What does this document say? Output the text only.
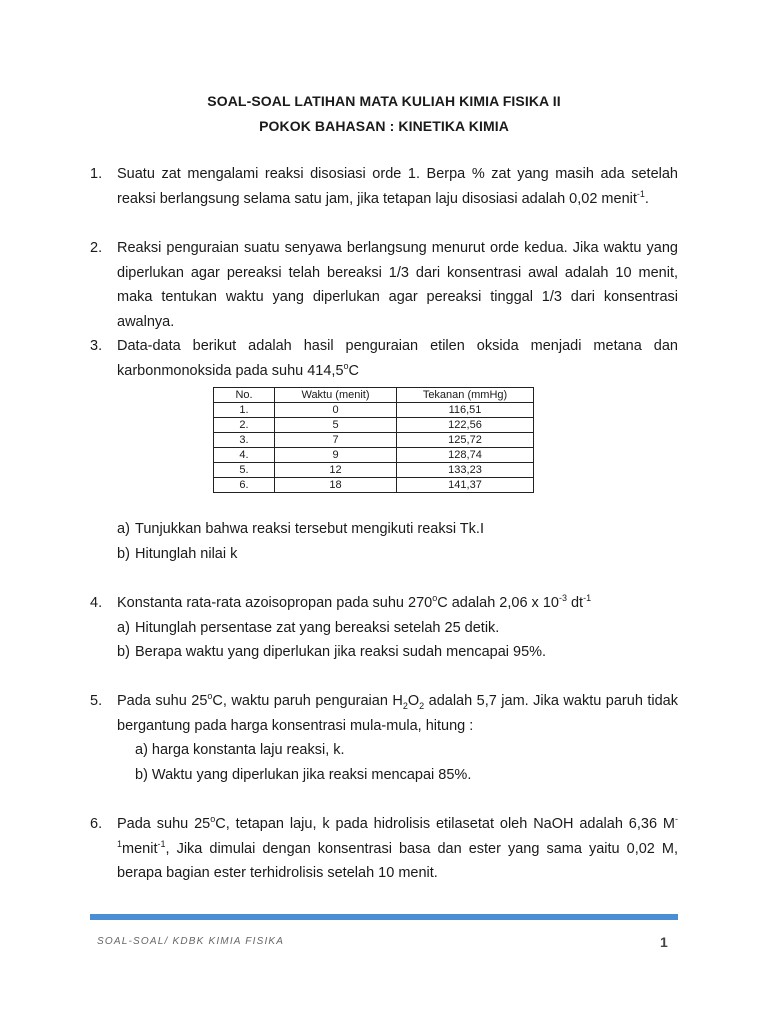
SOAL-SOAL LATIHAN MATA KULIAH KIMIA FISIKA II
POKOK BAHASAN : KINETIKA KIMIA
1. Suatu zat mengalami reaksi disosiasi orde 1. Berpa % zat yang masih ada setelah reaksi berlangsung selama satu jam, jika tetapan laju disosiasi adalah 0,02 menit$^{-1}$.

2. Reaksi penguraian suatu senyawa berlangsung menurut orde kedua. Jika waktu yang diperlukan agar pereaksi telah bereaksi 1/3 dari konsentrasi awal adalah 10 menit, maka tentukan waktu yang diperlukan agar pereaksi tinggal 1/3 dari konsentrasi awalnya.

3. Data-data berikut adalah hasil penguraian etilen oksida menjadi metana dan karbonmonoksida pada suhu 414,5$^o$C

No.	Waktu (menit)	Tekanan (mmHg)
1.	0	116,51
2.	5	122,56
3.	7	125,72
4.	9	128,74
5.	12	133,23
6.	18	141,37
a) Tunjukkan bahwa reaksi tersebut mengikuti reaksi Tk.I
b) Hitunglah nilai k
4. Konstanta rata-rata azoisopropan pada suhu 270$^o$C adalah 2,06 x $10^{-3}$ $dt^{-1}$

a) Hitunglah persentase zat yang bereaksi setelah 25 detik.
b) Berapa waktu yang diperlukan jika reaksi sudah mencapai 95%.
5. Pada suhu 25$^o$C, waktu paruh penguraian $H_2O_2$ adalah 5,7 jam. Jika waktu paruh tidak bergantung pada harga konsentrasi mula-mula, hitung :

a) harga konstanta laju reaksi, k.
b) Waktu yang diperlukan jika reaksi mencapai 85%.
6. Pada suhu 25$^o$C, tetapan laju, k pada hidrolisis etilasetat oleh NaOH adalah 6,36 $M^{-1}menit^{-1}$, Jika dimulai dengan konsentrasi basa dan ester yang sama yaitu 0,02 M, berapa bagian ester terhidrolisis setelah 10 menit.

SOAL-SOAL/ KDBK KIMIA FISIKA	1
